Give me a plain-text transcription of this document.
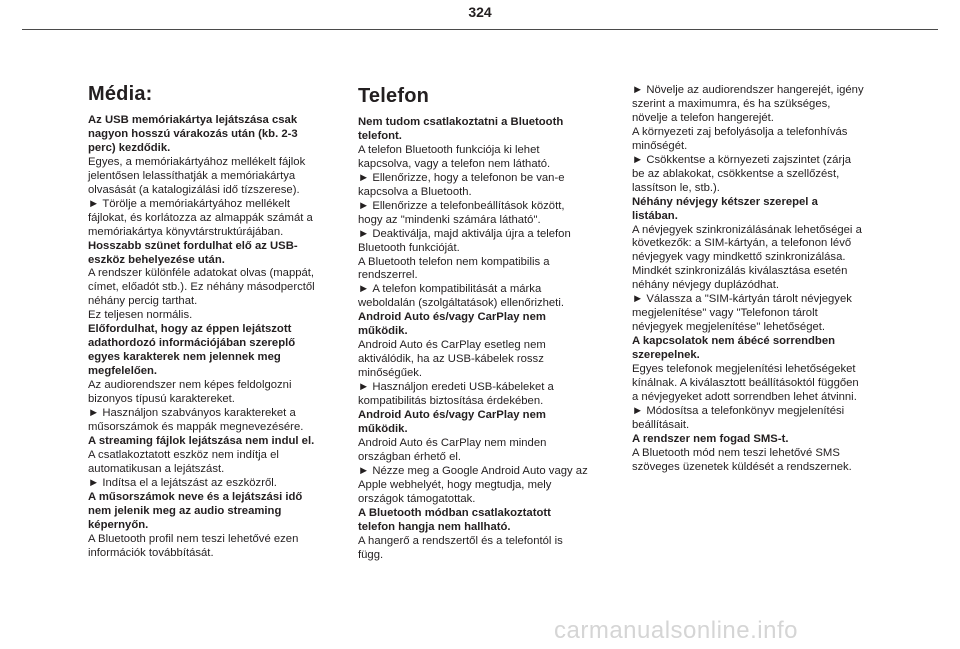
324
Média:

Az USB memóriakártya lejátszása csak nagyon hosszú várakozás után (kb. 2-3 perc) kezdődik.

Egyes, a memóriakártyához mellékelt fájlok jelentősen lelassíthatják a memóriakártya olvasását (a katalogizálási idő tízszerese).

► Törölje a memóriakártyához mellékelt fájlokat, és korlátozza az almappák számát a memóriakártya könyvtárstruktúrájában.

Hosszabb szünet fordulhat elő az USB-eszköz behelyezése után.

A rendszer különféle adatokat olvas (mappát, címet, előadót stb.). Ez néhány másodperctől néhány percig tarthat.

Ez teljesen normális.

Előfordulhat, hogy az éppen lejátszott adathordozó információjában szereplő egyes karakterek nem jelennek meg megfelelően.

Az audiorendszer nem képes feldolgozni bizonyos típusú karaktereket.

► Használjon szabványos karaktereket a műsorszámok és mappák megnevezésére.

A streaming fájlok lejátszása nem indul el.

A csatlakoztatott eszköz nem indítja el automatikusan a lejátszást.

► Indítsa el a lejátszást az eszközről.

A műsorszámok neve és a lejátszási idő nem jelenik meg az audio streaming képernyőn.

A Bluetooth profil nem teszi lehetővé ezen információk továbbítását.

Telefon

Nem tudom csatlakoztatni a Bluetooth telefont.

A telefon Bluetooth funkciója ki lehet kapcsolva, vagy a telefon nem látható.

► Ellenőrizze, hogy a telefonon be van-e kapcsolva a Bluetooth.

► Ellenőrizze a telefonbeállítások között, hogy az "mindenki számára látható".

► Deaktiválja, majd aktiválja újra a telefon Bluetooth funkcióját.

A Bluetooth telefon nem kompatibilis a rendszerrel.

► A telefon kompatibilitását a márka weboldalán (szolgáltatások) ellenőrizheti.

Android Auto és/vagy CarPlay nem működik.

Android Auto és CarPlay esetleg nem aktiválódik, ha az USB-kábelek rossz minőségűek.

► Használjon eredeti USB-kábeleket a kompatibilitás biztosítása érdekében.

Android Auto és/vagy CarPlay nem működik.

Android Auto és CarPlay nem minden országban érhető el.

► Nézze meg a Google Android Auto vagy az Apple webhelyét, hogy megtudja, mely országok támogatottak.

A Bluetooth módban csatlakoztatott telefon hangja nem hallható.

A hangerő a rendszertől és a telefontól is függ.

► Növelje az audiorendszer hangerejét, igény szerint a maximumra, és ha szükséges, növelje a telefon hangerejét.

A környezeti zaj befolyásolja a telefonhívás minőségét.

► Csökkentse a környezeti zajszintet (zárja be az ablakokat, csökkentse a szellőzést, lassítson le, stb.).

Néhány névjegy kétszer szerepel a listában.

A névjegyek szinkronizálásának lehetőségei a következők: a SIM-kártyán, a telefonon lévő névjegyek vagy mindkettő szinkronizálása. Mindkét szinkronizálás kiválasztása esetén néhány névjegy duplázódhat.

► Válassza a "SIM-kártyán tárolt névjegyek megjelenítése" vagy "Telefonon tárolt névjegyek megjelenítése" lehetőséget.

A kapcsolatok nem ábécé sorrendben szerepelnek.

Egyes telefonok megjelenítési lehetőségeket kínálnak. A kiválasztott beállításoktól függően a névjegyeket adott sorrendben lehet átvinni.

► Módosítsa a telefonkönyv megjelenítési beállításait.

A rendszer nem fogad SMS-t.

A Bluetooth mód nem teszi lehetővé SMS szöveges üzenetek küldését a rendszernek.

carmanualsonline.info
